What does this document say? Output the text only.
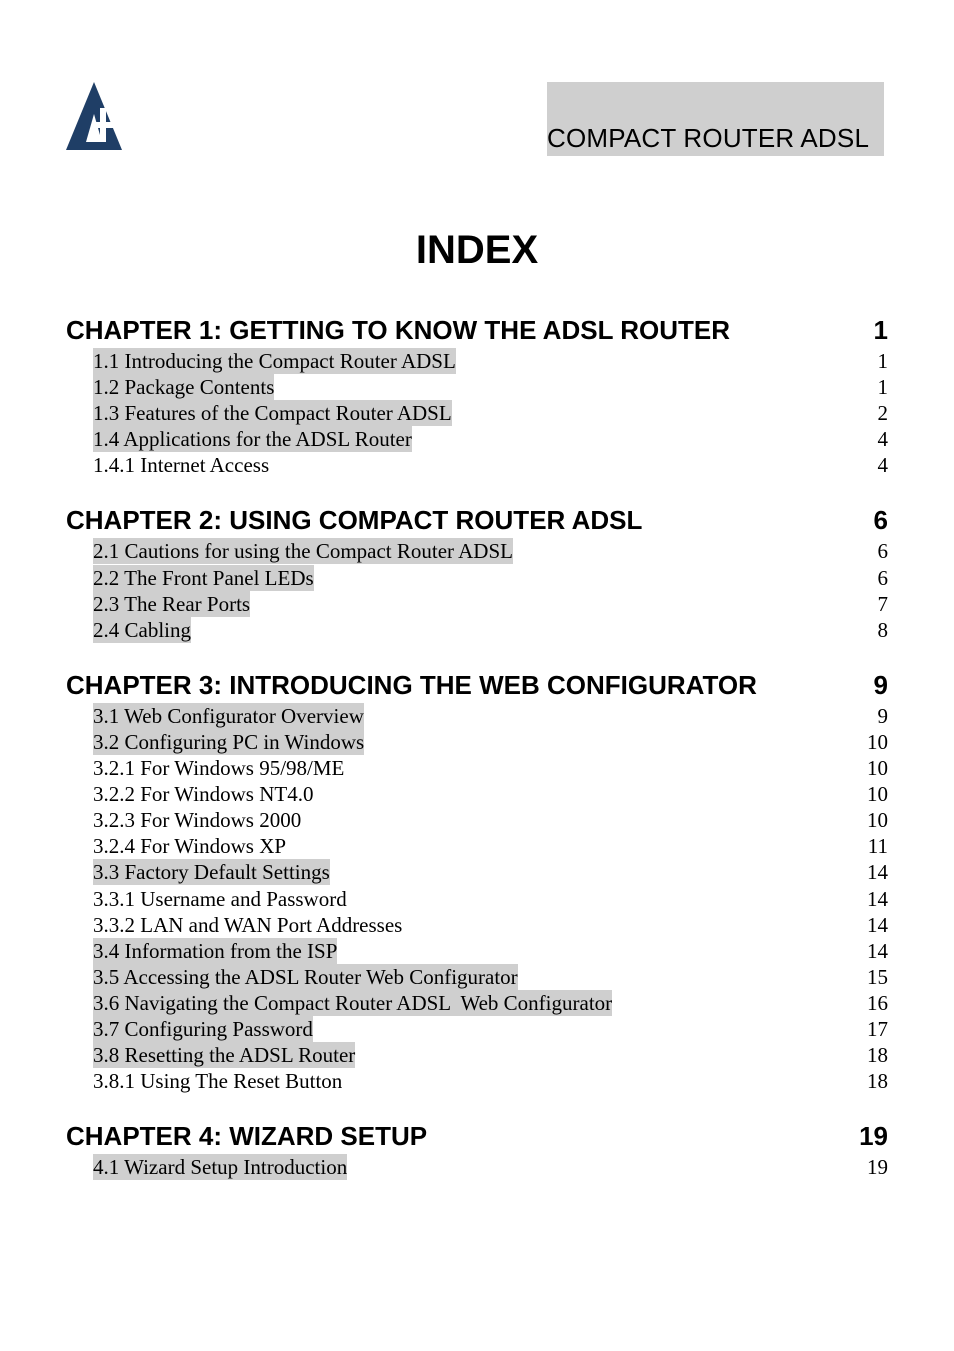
COMPACT ROUTER ADSL
INDEX
CHAPTER 1: GETTING TO KNOW THE ADSL ROUTER	1
1.1 Introducing the Compact Router ADSL	1
1.2 Package Contents	1
1.3 Features of the Compact Router ADSL	2
1.4 Applications for the ADSL Router	4
1.4.1 Internet Access	4
CHAPTER 2: USING COMPACT ROUTER ADSL	6
2.1 Cautions for using the Compact Router ADSL	6
2.2 The Front Panel LEDs	6
2.3 The Rear Ports	7
2.4 Cabling	8
CHAPTER 3: INTRODUCING THE WEB CONFIGURATOR	9
3.1 Web Configurator Overview	9
3.2 Configuring PC in Windows	10
3.2.1 For Windows 95/98/ME	10
3.2.2 For Windows NT4.0	10
3.2.3 For Windows 2000	10
3.2.4 For Windows XP	11
3.3 Factory Default Settings	14
3.3.1 Username and Password	14
3.3.2 LAN and WAN Port Addresses	14
3.4 Information from the ISP	14
3.5 Accessing the ADSL Router Web Configurator	15
3.6 Navigating the Compact Router ADSL  Web Configurator	16
3.7 Configuring Password	17
3.8 Resetting the ADSL Router	18
3.8.1 Using The Reset Button	18
CHAPTER 4: WIZARD SETUP	19
4.1 Wizard Setup Introduction	19
